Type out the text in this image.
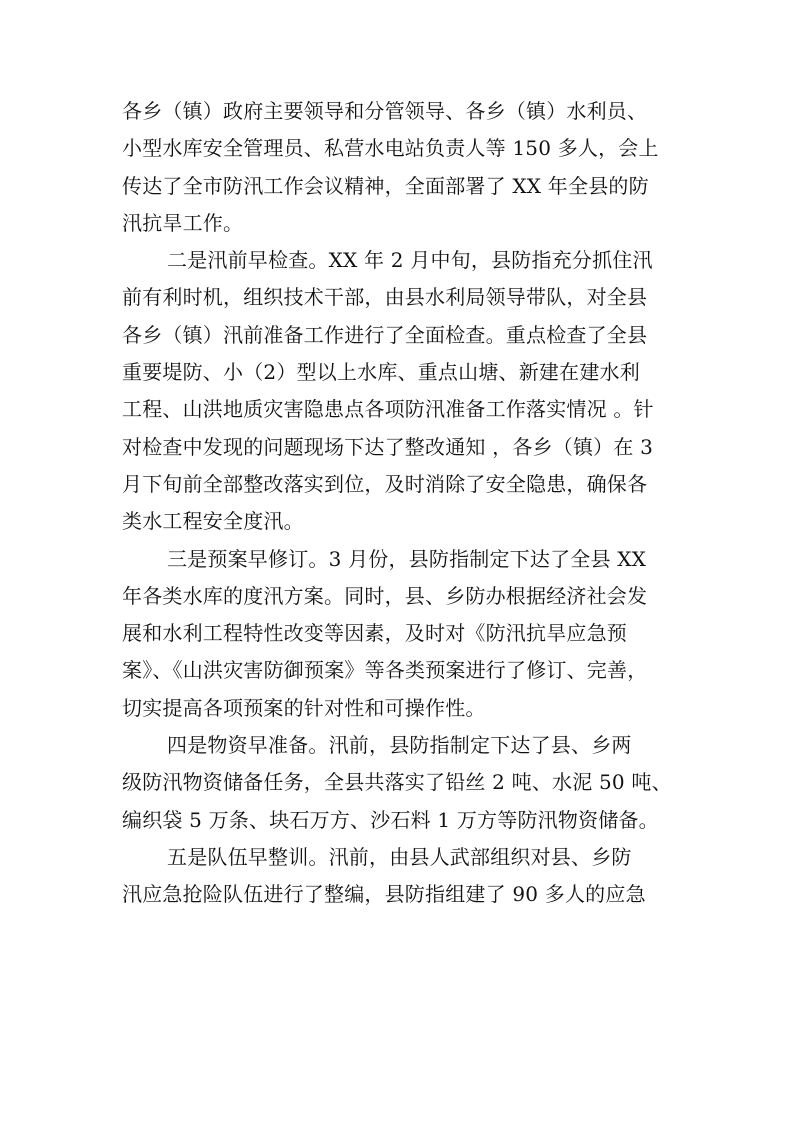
各乡（镇）政府主要领导和分管领导、各乡（镇）水利员、
小型水库安全管理员、私营水电站负责人等 150 多人，会上
传达了全市防汛工作会议精神，全面部署了 XX 年全县的防
汛抗旱工作。

二是汛前早检查。XX 年 2 月中旬，县防指充分抓住汛
前有利时机，组织技术干部，由县水利局领导带队，对全县
各乡（镇）汛前准备工作进行了全面检查。重点检查了全县
重要堤防、小（2）型以上水库、重点山塘、新建在建水利
工程、山洪地质灾害隐患点各项防汛准备工作落实情况 。针
对检查中发现的问题现场下达了整改通知 ，各乡（镇）在 3
月下旬前全部整改落实到位，及时消除了安全隐患，确保各
类水工程安全度汛。

三是预案早修订。3 月份，县防指制定下达了全县 XX
年各类水库的度汛方案。同时，县、乡防办根据经济社会发
展和水利工程特性改变等因素，及时对《防汛抗旱应急预
案》、《山洪灾害防御预案》等各类预案进行了修订、完善，
切实提高各项预案的针对性和可操作性。

四是物资早准备。汛前，县防指制定下达了县、乡两
级防汛物资储备任务，全县共落实了铅丝 2 吨、水泥 50 吨、
编织袋 5 万条、块石万方、沙石料 1 万方等防汛物资储备。

五是队伍早整训。汛前，由县人武部组织对县、乡防
汛应急抢险队伍进行了整编，县防指组建了 90 多人的应急
